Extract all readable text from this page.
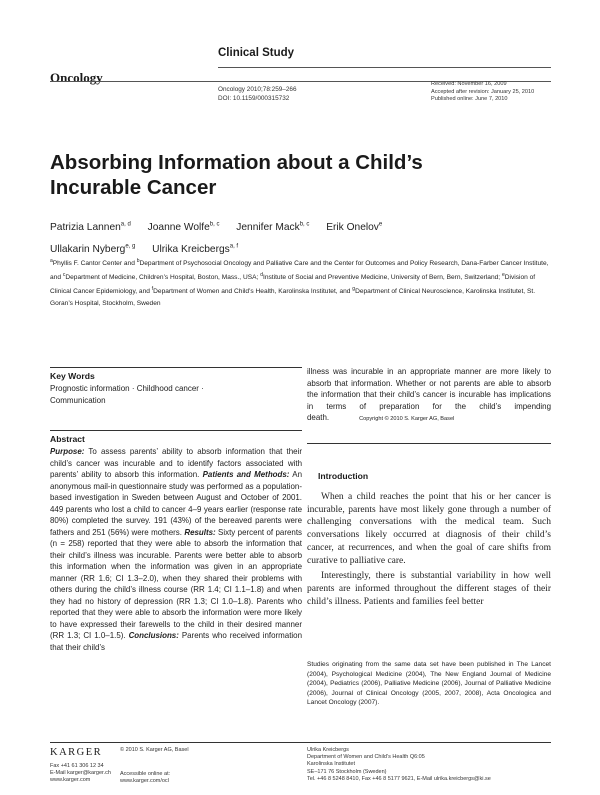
Clinical Study
Oncology
Oncology 2010;78:259–266
DOI: 10.1159/000315732
Received: November 16, 2009
Accepted after revision: January 25, 2010
Published online: June 7, 2010
Absorbing Information about a Child’s
Incurable Cancer
Patrizia Lannen$^{a, d}$ Joanne Wolfe$^{b, c}$ Jennifer Mack$^{b, c}$ Erik Onelov$^e$
Ullakarin Nyberg$^{e, g}$ Ulrika Kreicbergs$^{a, f}$
$^a$Phyllis F. Cantor Center and $^b$Department of Psychosocial Oncology and Palliative Care and the Center for Outcomes and Policy Research, Dana-Farber Cancer Institute, and $^c$Department of Medicine, Children’s Hospital, Boston, Mass., USA; $^d$Institute of Social and Preventive Medicine, University of Bern, Bern, Switzerland; $^e$Division of Clinical Cancer Epidemiology, and $^f$Department of Women and Child’s Health, Karolinska Institutet, and $^g$Department of Clinical Neuroscience, Karolinska Institutet, St. Goran’s Hospital, Stockholm, Sweden
Key Words
Prognostic information · Childhood cancer ·
Communication
Abstract
Purpose: To assess parents’ ability to absorb information that their child’s cancer was incurable and to identify factors associated with parents’ ability to absorb this information. Patients and Methods: An anonymous mail-in questionnaire study was performed as a population-based investigation in Sweden between August and October of 2001. 449 parents who lost a child to cancer 4–9 years earlier (response rate 80%) completed the survey. 191 (43%) of the bereaved parents were fathers and 251 (56%) were mothers. Results: Sixty percent of parents (n = 258) reported that they were able to absorb the information that their child’s illness was incurable. Parents were better able to absorb this information when the information was given in an appropriate manner (RR 1.6; CI 1.3–2.0), when they shared their problems with others during the child’s illness course (RR 1.4; CI 1.1–1.8) and when they had no history of depression (RR 1.3; CI 1.0–1.8). Parents who reported that they were able to absorb the information were more likely to have expressed their farewells to the child in their desired manner (RR 1.3; CI 1.0–1.5). Conclusions: Parents who received information that their child’s
illness was incurable in an appropriate manner are more likely to absorb that information. Whether or not parents are able to absorb the information that their child’s cancer is incurable has implications in terms of preparation for the child’s impending death.	Copyright © 2010 S. Karger AG, Basel
Introduction

When a child reaches the point that his or her cancer is incurable, parents have most likely gone through a number of challenging conversations with the medical team. Such conversations likely occurred at diagnosis of their child’s cancer, at recurrences, and when the goal of care shifts from curative to palliative care.

Interestingly, there is substantial variability in how well parents are informed throughout the different stages of their child’s illness. Patients and families feel better

Studies originating from the same data set have been published in The Lancet (2004), Psychological Medicine (2004), The New England Journal of Medicine (2004), Pediatrics (2006), Palliative Medicine (2006), Journal of Palliative Medicine (2006), Journal of Clinical Oncology (2005, 2007, 2008), Acta Oncologica and Lancet Oncology (2007).
KARGER
Fax +41 61 306 12 34
E-Mail karger@karger.ch
www.karger.com
© 2010 S. Karger AG, Basel
Accessible online at:
www.karger.com/ocl
Ulrika Kreicbergs
Department of Women and Child’s Health Q6:05
Karolinska Institutet
SE–171 76 Stockholm (Sweden)
Tel. +46 8 5248 8410, Fax +46 8 5177 9621, E-Mail ulrika.kreicbergs@ki.se
